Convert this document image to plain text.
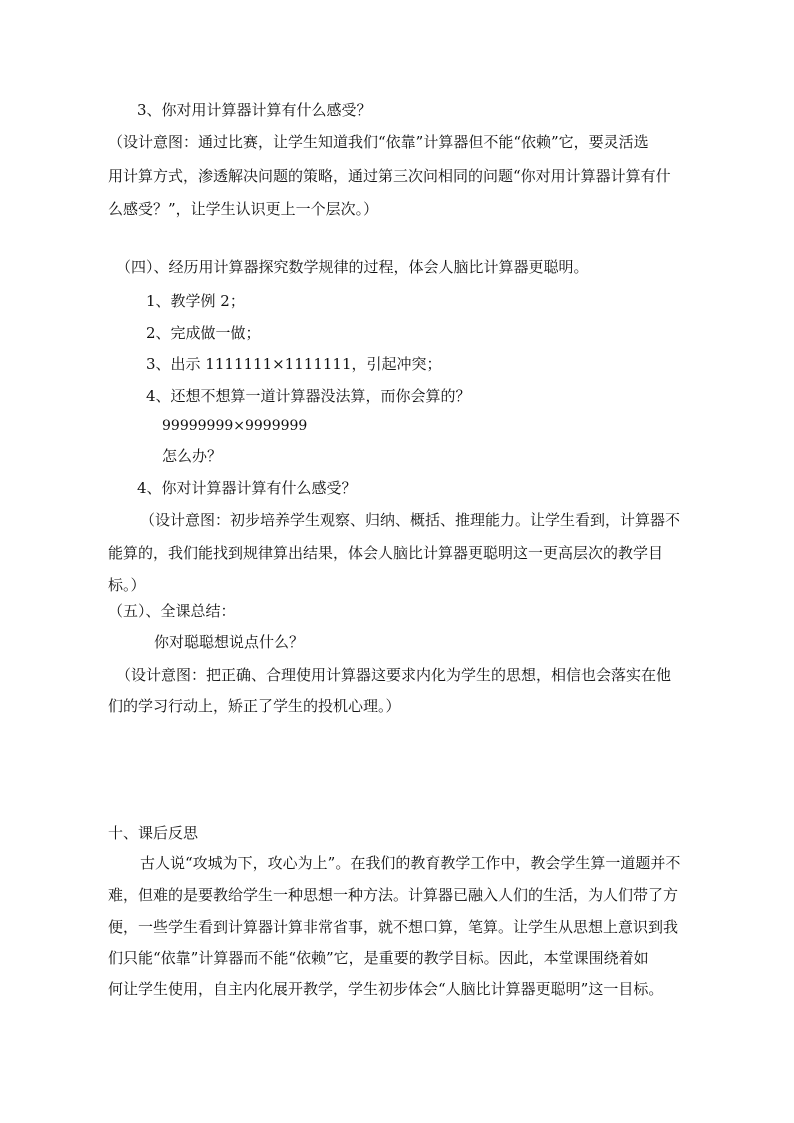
3、你对用计算器计算有什么感受？
（设计意图：通过比赛，让学生知道我们“依靠”计算器但不能“依赖”它，要灵活选
用计算方式，渗透解决问题的策略，通过第三次问相同的问题“你对用计算器计算有什
么感受？”，让学生认识更上一个层次。）
（四）、经历用计算器探究数学规律的过程，体会人脑比计算器更聪明。
1、教学例 2；
2、完成做一做；
3、出示 1111111×1111111，引起冲突；
4、还想不想算一道计算器没法算，而你会算的？
99999999×9999999
怎么办？
4、你对计算器计算有什么感受？
（设计意图：初步培养学生观察、归纳、概括、推理能力。让学生看到，计算器不
能算的，我们能找到规律算出结果，体会人脑比计算器更聪明这一更高层次的教学目
标。）
（五）、全课总结：
你对聪聪想说点什么？
（设计意图：把正确、合理使用计算器这要求内化为学生的思想，相信也会落实在他
们的学习行动上，矫正了学生的投机心理。）
十、课后反思
古人说“攻城为下，攻心为上”。在我们的教育教学工作中，教会学生算一道题并不
难，但难的是要教给学生一种思想一种方法。计算器已融入人们的生活，为人们带了方
便，一些学生看到计算器计算非常省事，就不想口算，笔算。让学生从思想上意识到我
们只能“依靠”计算器而不能“依赖”它，是重要的教学目标。因此，本堂课围绕着如
何让学生使用，自主内化展开教学，学生初步体会“人脑比计算器更聪明”这一目标。
